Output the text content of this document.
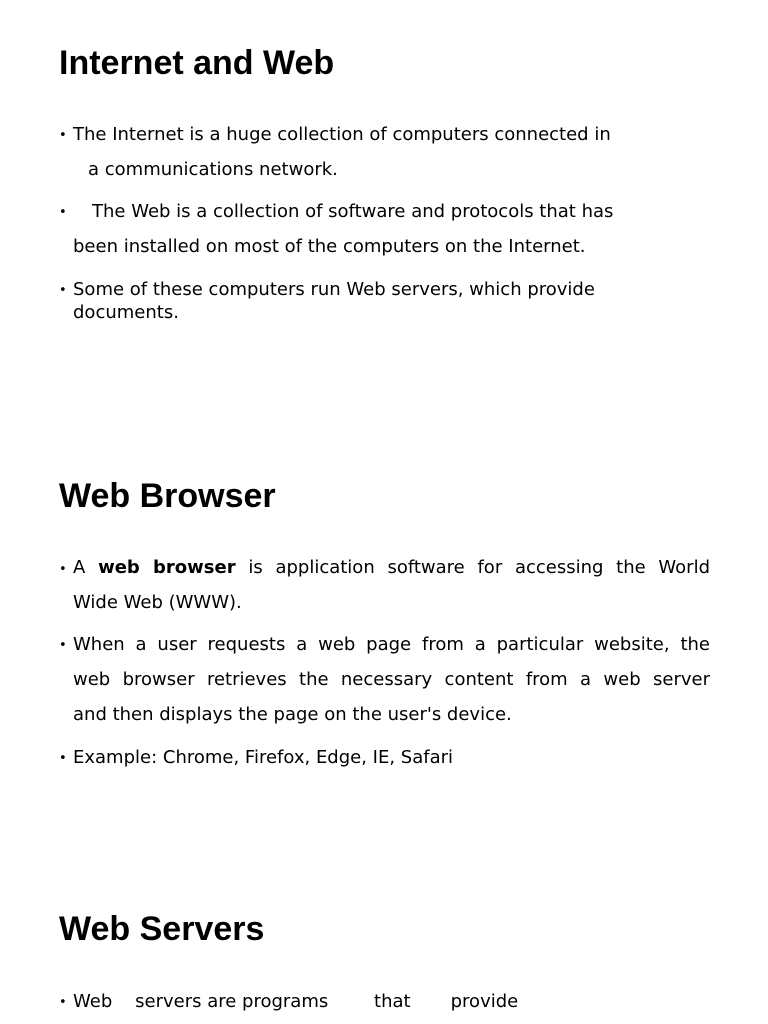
Internet and Web
• The Internet is a huge collection of computers connected in
a communications network.
• The Web is a collection of software and protocols that has
been installed on most of the computers on the Internet.
• Some of these computers run Web servers, which provide
documents.
Web Browser
• A web browser is application software for accessing the World
Wide Web (WWW).
• When a user requests a web page from a particular website, the
web browser retrieves the necessary content from a web server
and then displays the page on the user's device.
• Example: Chrome, Firefox, Edge, IE, Safari
Web Servers
• Web    servers are programs        that       provide
